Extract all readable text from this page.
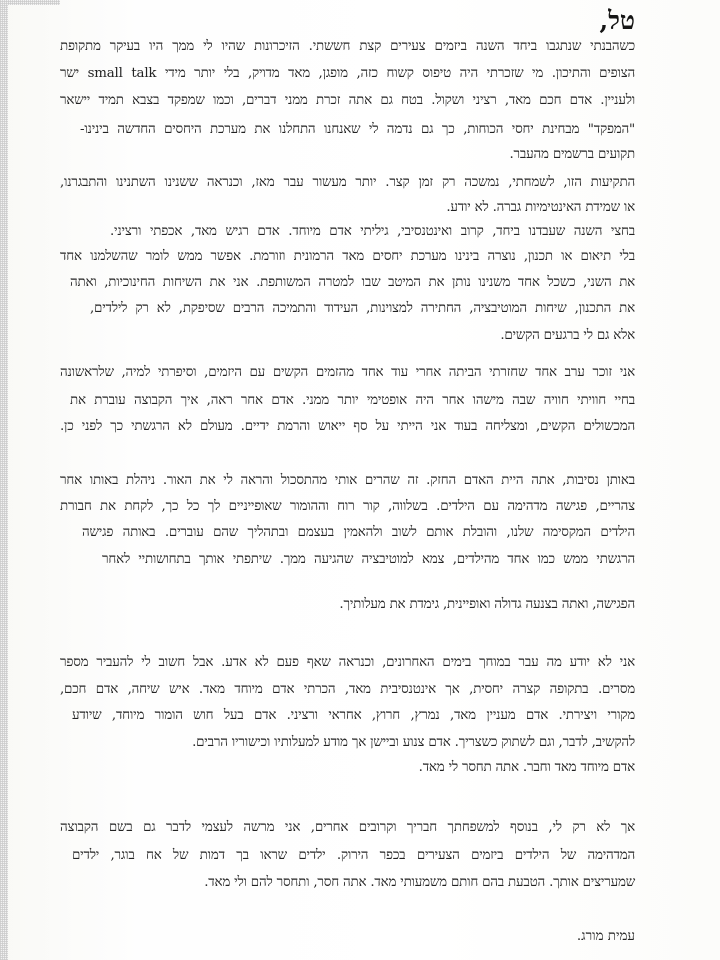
טל,
כשהבנתי שנתגבו ביחד השנה ביזמים צעירים קצת חששתי. הזיכרונות שהיו לי ממך היו בעיקר מתקופת
הצופים והתיכון. מי שזכרתי היה טיפוס קשוח כזה, מופגן, מאד מדויק, בלי יותר מידי small talk ישר
ולעניין. אדם חכם מאד, רציני ושקול. בטח גם אתה זכרת ממני דברים, וכמו שמפקד בצבא תמיד יישאר
"המפקד" מבחינת יחסי הכוחות, כך גם נדמה לי שאנחנו התחלנו את מערכת היחסים החדשה בינינו-
תקועים ברשמים מהעבר.
התקיעות הזו, לשמחתי, נמשכה רק זמן קצר. יותר מעשור עבר מאז, וכנראה ששנינו השתנינו והתבגרנו,
או שמידת האינטימיות גברה. לא יודע.
בחצי השנה שעבדנו ביחד, קרוב ואינטנסיבי, גיליתי אדם מיוחד. אדם רגיש מאד, אכפתי ורציני.
בלי תיאום או תכנון, נוצרה בינינו מערכת יחסים מאד הרמונית וזורמת. אפשר ממש לומר שהשלמנו אחד
את השני, כשכל אחד משנינו נותן את המיטב שבו למטרה המשותפת. אני את השיחות החינוכיות, ואתה
את התכנון, שיחות המוטיבציה, החתירה למצוינות, העידוד והתמיכה הרבים שסיפקת, לא רק לילדים,
אלא גם לי ברגעים הקשים.
אני זוכר ערב אחד שחזרתי הביתה אחרי עוד אחד מהזמים הקשים עם היזמים, וסיפרתי למיה, שלראשונה
בחיי חוויתי חוויה שבה מישהו אחר היה אופטימי יותר ממני. אדם אחר ראה, איך הקבוצה עוברת את
המכשולים הקשים, ומצליחה בעוד אני הייתי על סף ייאוש והרמת ידיים. מעולם לא הרגשתי כך לפני כן.
באותן נסיבות, אתה היית האדם החזק. זה שהרים אותי מהתסכול והראה לי את האור. ניהלת באותו אחר
צהריים, פגישה מדהימה עם הילדים. בשלווה, קור רוח וההומור שאופייניים לך כל כך, לקחת את חבורת
הילדים המקסימה שלנו, והובלת אותם לשוב ולהאמין בעצמם ובתהליך שהם עוברים. באותה פגישה
הרגשתי ממש כמו אחד מהילדים, צמא למוטיבציה שהגיעה ממך. שיתפתי אותך בתחושותיי לאחר
הפגישה, ואתה בצנעה גדולה ואופיינית, גימדת את מעלותיך.
אני לא יודע מה עבר במוחך בימים האחרונים, וכנראה שאף פעם לא אדע. אבל חשוב לי להעביר מספר
מסרים. בתקופה קצרה יחסית, אך אינטנסיבית מאד, הכרתי אדם מיוחד מאד. איש שיחה, אדם חכם,
מקורי ויצירתי. אדם מעניין מאד, נמרץ, חרוץ, אחראי ורציני. אדם בעל חוש הומור מיוחד, שיודע
להקשיב, לדבר, וגם לשתוק כשצריך. אדם צנוע וביישן אך מודע למעלותיו וכישוריו הרבים.
אדם מיוחד מאד וחבר. אתה תחסר לי מאד.
אך לא רק לי, בנוסף למשפחתך חבריך וקרובים אחרים, אני מרשה לעצמי לדבר גם בשם הקבוצה
המדהימה של הילדים ביזמים הצעירים בכפר הירוק. ילדים שראו בך דמות של אח בוגר, ילדים
שמעריצים אותך. הטבעת בהם חותם משמעותי מאד. אתה חסר, ותחסר להם ולי מאד.
עמית מורג.
